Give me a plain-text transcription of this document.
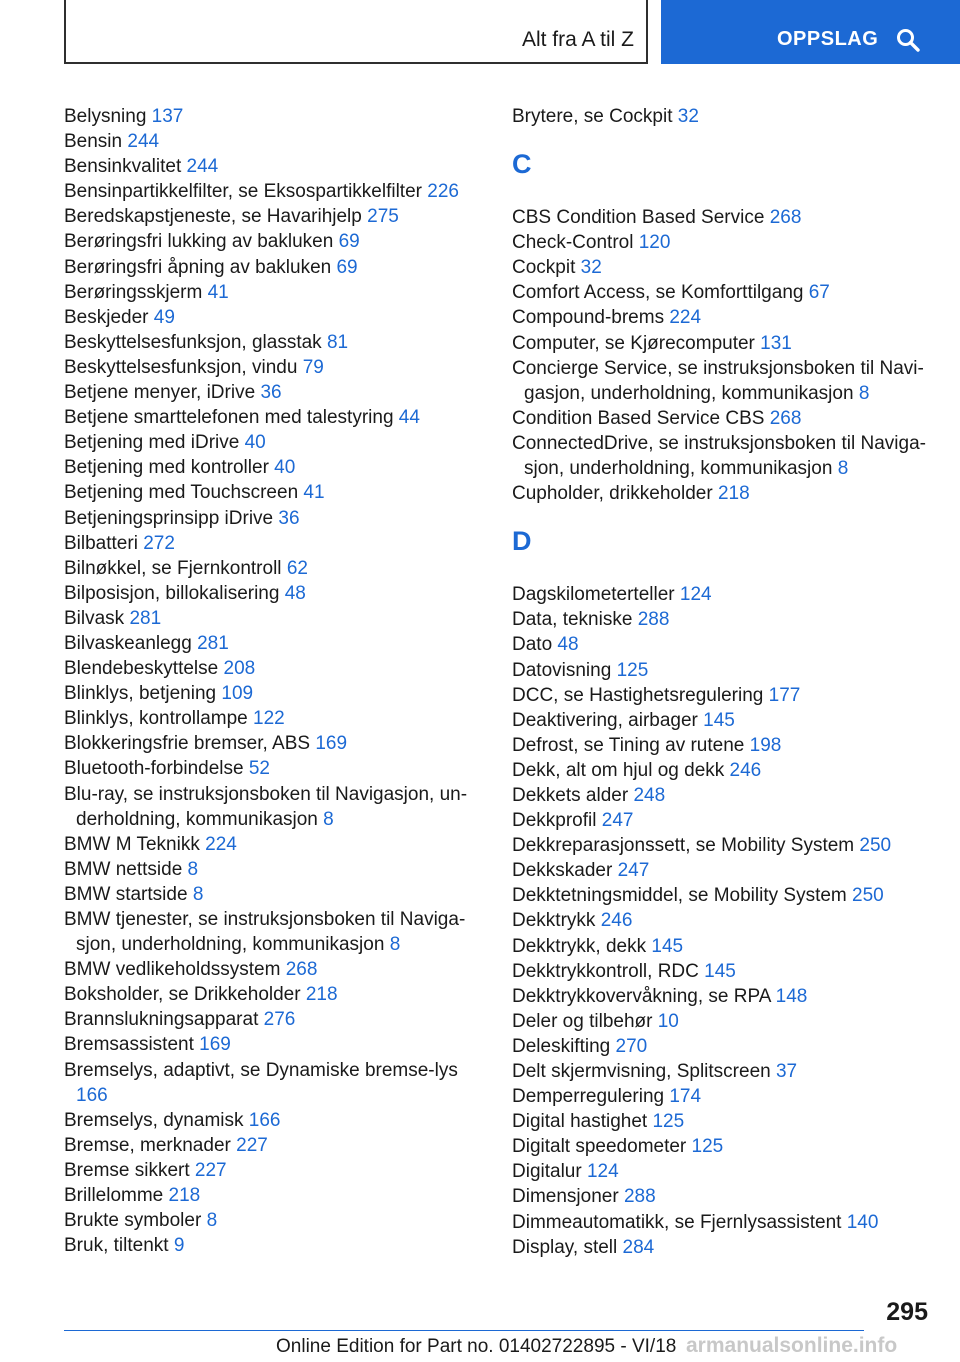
Alt fra A til Z	OPPSLAG

Belysning 137

Bensin 244

Bensinkvalitet 244

Bensinpartikkelfilter, se Eksospartikkelfilter 226

Beredskapstjeneste, se Havarihjelp 275

Berøringsfri lukking av bakluken 69

Berøringsfri åpning av bakluken 69

Berøringsskjerm 41

Beskjeder 49

Beskyttelsesfunksjon, glasstak 81

Beskyttelsesfunksjon, vindu 79

Betjene menyer, iDrive 36

Betjene smarttelefonen med talestyring 44

Betjening med iDrive 40

Betjening med kontroller 40

Betjening med Touchscreen 41

Betjeningsprinsipp iDrive 36

Bilbatteri 272

Bilnøkkel, se Fjernkontroll 62

Bilposisjon, billokalisering 48

Bilvask 281

Bilvaskeanlegg 281

Blendebeskyttelse 208

Blinklys, betjening 109

Blinklys, kontrollampe 122

Blokkeringsfrie bremser, ABS 169

Bluetooth-forbindelse 52

Blu-ray, se instruksjonsboken til Navigasjon, un-derholdning, kommunikasjon 8

BMW M Teknikk 224

BMW nettside 8

BMW startside 8

BMW tjenester, se instruksjonsboken til Naviga-sjon, underholdning, kommunikasjon 8

BMW vedlikeholdssystem 268

Boksholder, se Drikkeholder 218

Brannslukningsapparat 276

Bremsassistent 169

Bremselys, adaptivt, se Dynamiske bremse-lys 166

Bremselys, dynamisk 166

Bremse, merknader 227

Bremse sikkert 227

Brillelomme 218

Brukte symboler 8

Bruk, tiltenkt 9

Brytere, se Cockpit 32

C

CBS Condition Based Service 268

Check-Control 120

Cockpit 32

Comfort Access, se Komforttilgang 67

Compound-brems 224

Computer, se Kjørecomputer 131

Concierge Service, se instruksjonsboken til Navi-gasjon, underholdning, kommunikasjon 8

Condition Based Service CBS 268

ConnectedDrive, se instruksjonsboken til Naviga-sjon, underholdning, kommunikasjon 8

Cupholder, drikkeholder 218

D

Dagskilometerteller 124

Data, tekniske 288

Dato 48

Datovisning 125

DCC, se Hastighetsregulering 177

Deaktivering, airbager 145

Defrost, se Tining av rutene 198

Dekk, alt om hjul og dekk 246

Dekkets alder 248

Dekkprofil 247

Dekkreparasjonssett, se Mobility System 250

Dekkskader 247

Dekktetningsmiddel, se Mobility System 250

Dekktrykk 246

Dekktrykk, dekk 145

Dekktrykkontroll, RDC 145

Dekktrykkovervåkning, se RPA 148

Deler og tilbehør 10

Deleskifting 270

Delt skjermvisning, Splitscreen 37

Demperregulering 174

Digital hastighet 125

Digitalt speedometer 125

Digitalur 124

Dimensjoner 288

Dimmeautomatikk, se Fjernlysassistent 140

Display, stell 284

295
Online Edition for Part no. 01402722895 - VI/18 armanualsonline.info
